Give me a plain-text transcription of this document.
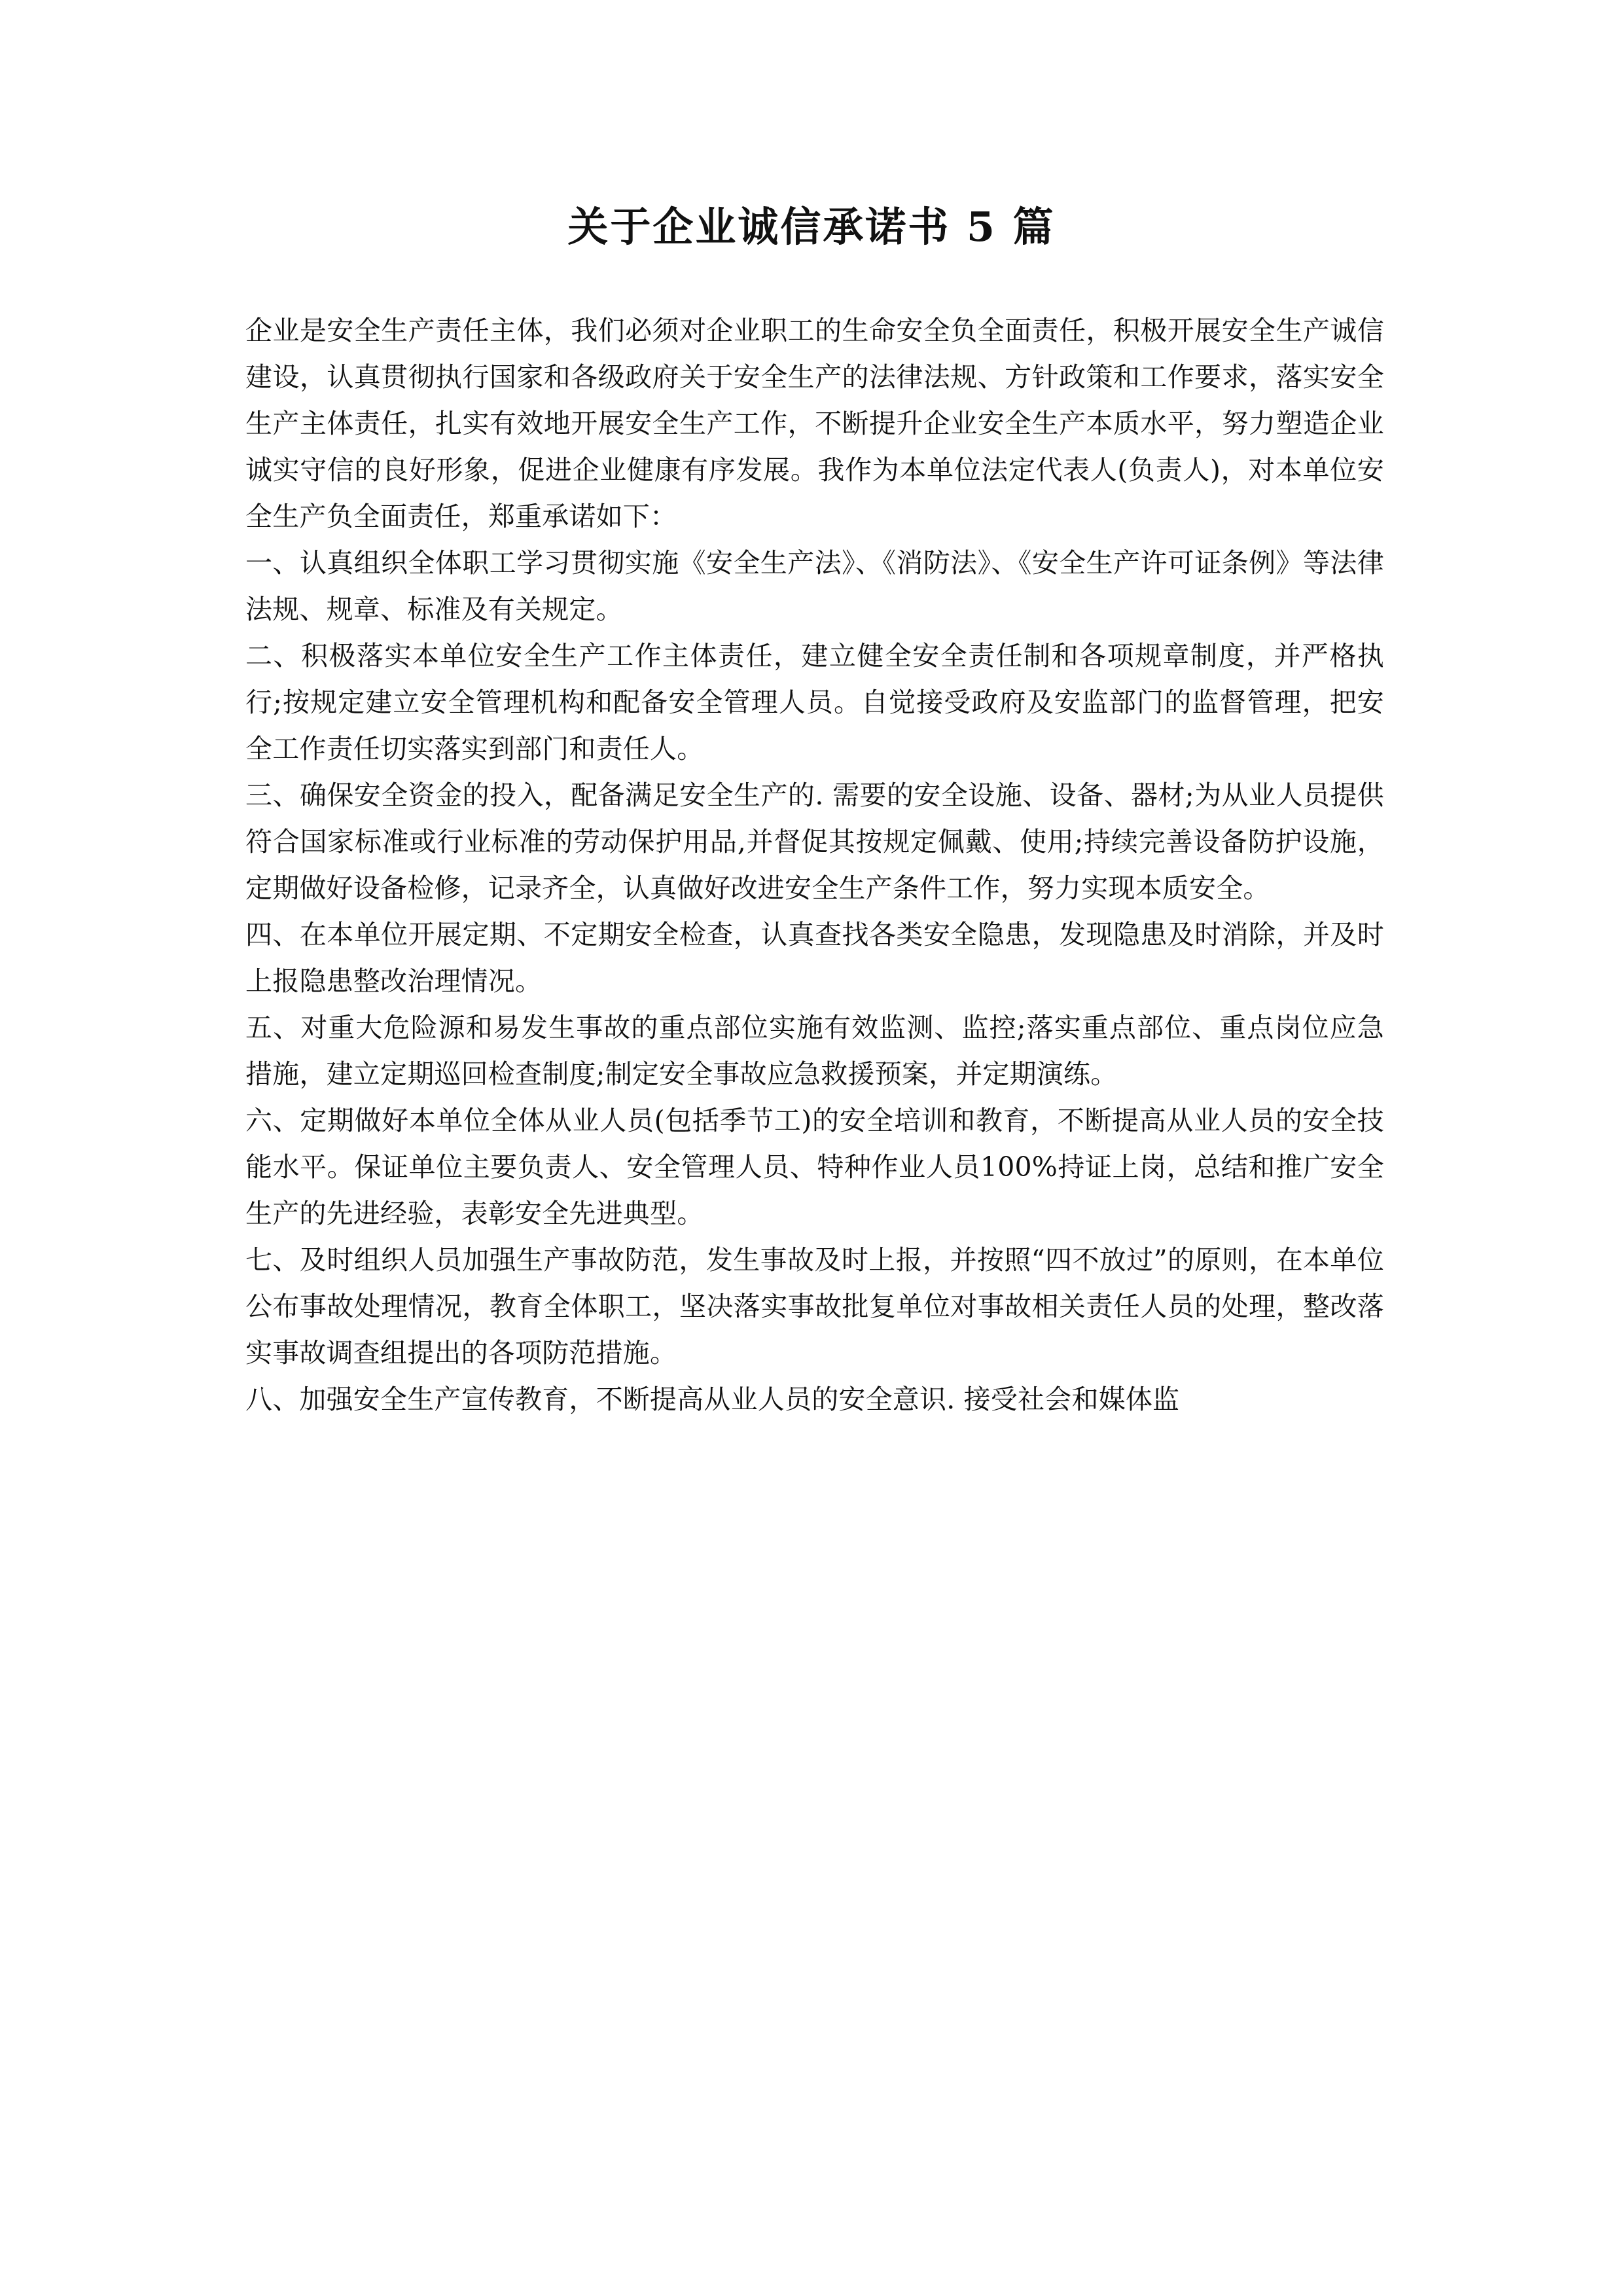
关于企业诚信承诺书 5 篇

企业是安全生产责任主体，我们必须对企业职工的生命安全负全面责任，积极开展安全生产诚信建设，认真贯彻执行国家和各级政府关于安全生产的法律法规、方针政策和工作要求，落实安全生产主体责任，扎实有效地开展安全生产工作，不断提升企业安全生产本质水平，努力塑造企业诚实守信的良好形象，促进企业健康有序发展。我作为本单位法定代表人(负责人)，对本单位安全生产负全面责任，郑重承诺如下：

一、认真组织全体职工学习贯彻实施《安全生产法》、《消防法》、《安全生产许可证条例》等法律法规、规章、标准及有关规定。

二、积极落实本单位安全生产工作主体责任，建立健全安全责任制和各项规章制度，并严格执行;按规定建立安全管理机构和配备安全管理人员。自觉接受政府及安监部门的监督管理，把安全工作责任切实落实到部门和责任人。

三、确保安全资金的投入，配备满足安全生产的. 需要的安全设施、设备、器材;为从业人员提供符合国家标准或行业标准的劳动保护用品,并督促其按规定佩戴、使用;持续完善设备防护设施，定期做好设备检修，记录齐全，认真做好改进安全生产条件工作，努力实现本质安全。

四、在本单位开展定期、不定期安全检查，认真查找各类安全隐患，发现隐患及时消除，并及时上报隐患整改治理情况。

五、对重大危险源和易发生事故的重点部位实施有效监测、监控;落实重点部位、重点岗位应急措施，建立定期巡回检查制度;制定安全事故应急救援预案，并定期演练。

六、定期做好本单位全体从业人员(包括季节工)的安全培训和教育，不断提高从业人员的安全技能水平。保证单位主要负责人、安全管理人员、特种作业人员100%持证上岗，总结和推广安全生产的先进经验，表彰安全先进典型。

七、及时组织人员加强生产事故防范，发生事故及时上报，并按照“四不放过”的原则，在本单位公布事故处理情况，教育全体职工，坚决落实事故批复单位对事故相关责任人员的处理，整改落实事故调查组提出的各项防范措施。

八、加强安全生产宣传教育，不断提高从业人员的安全意识. 接受社会和媒体监
